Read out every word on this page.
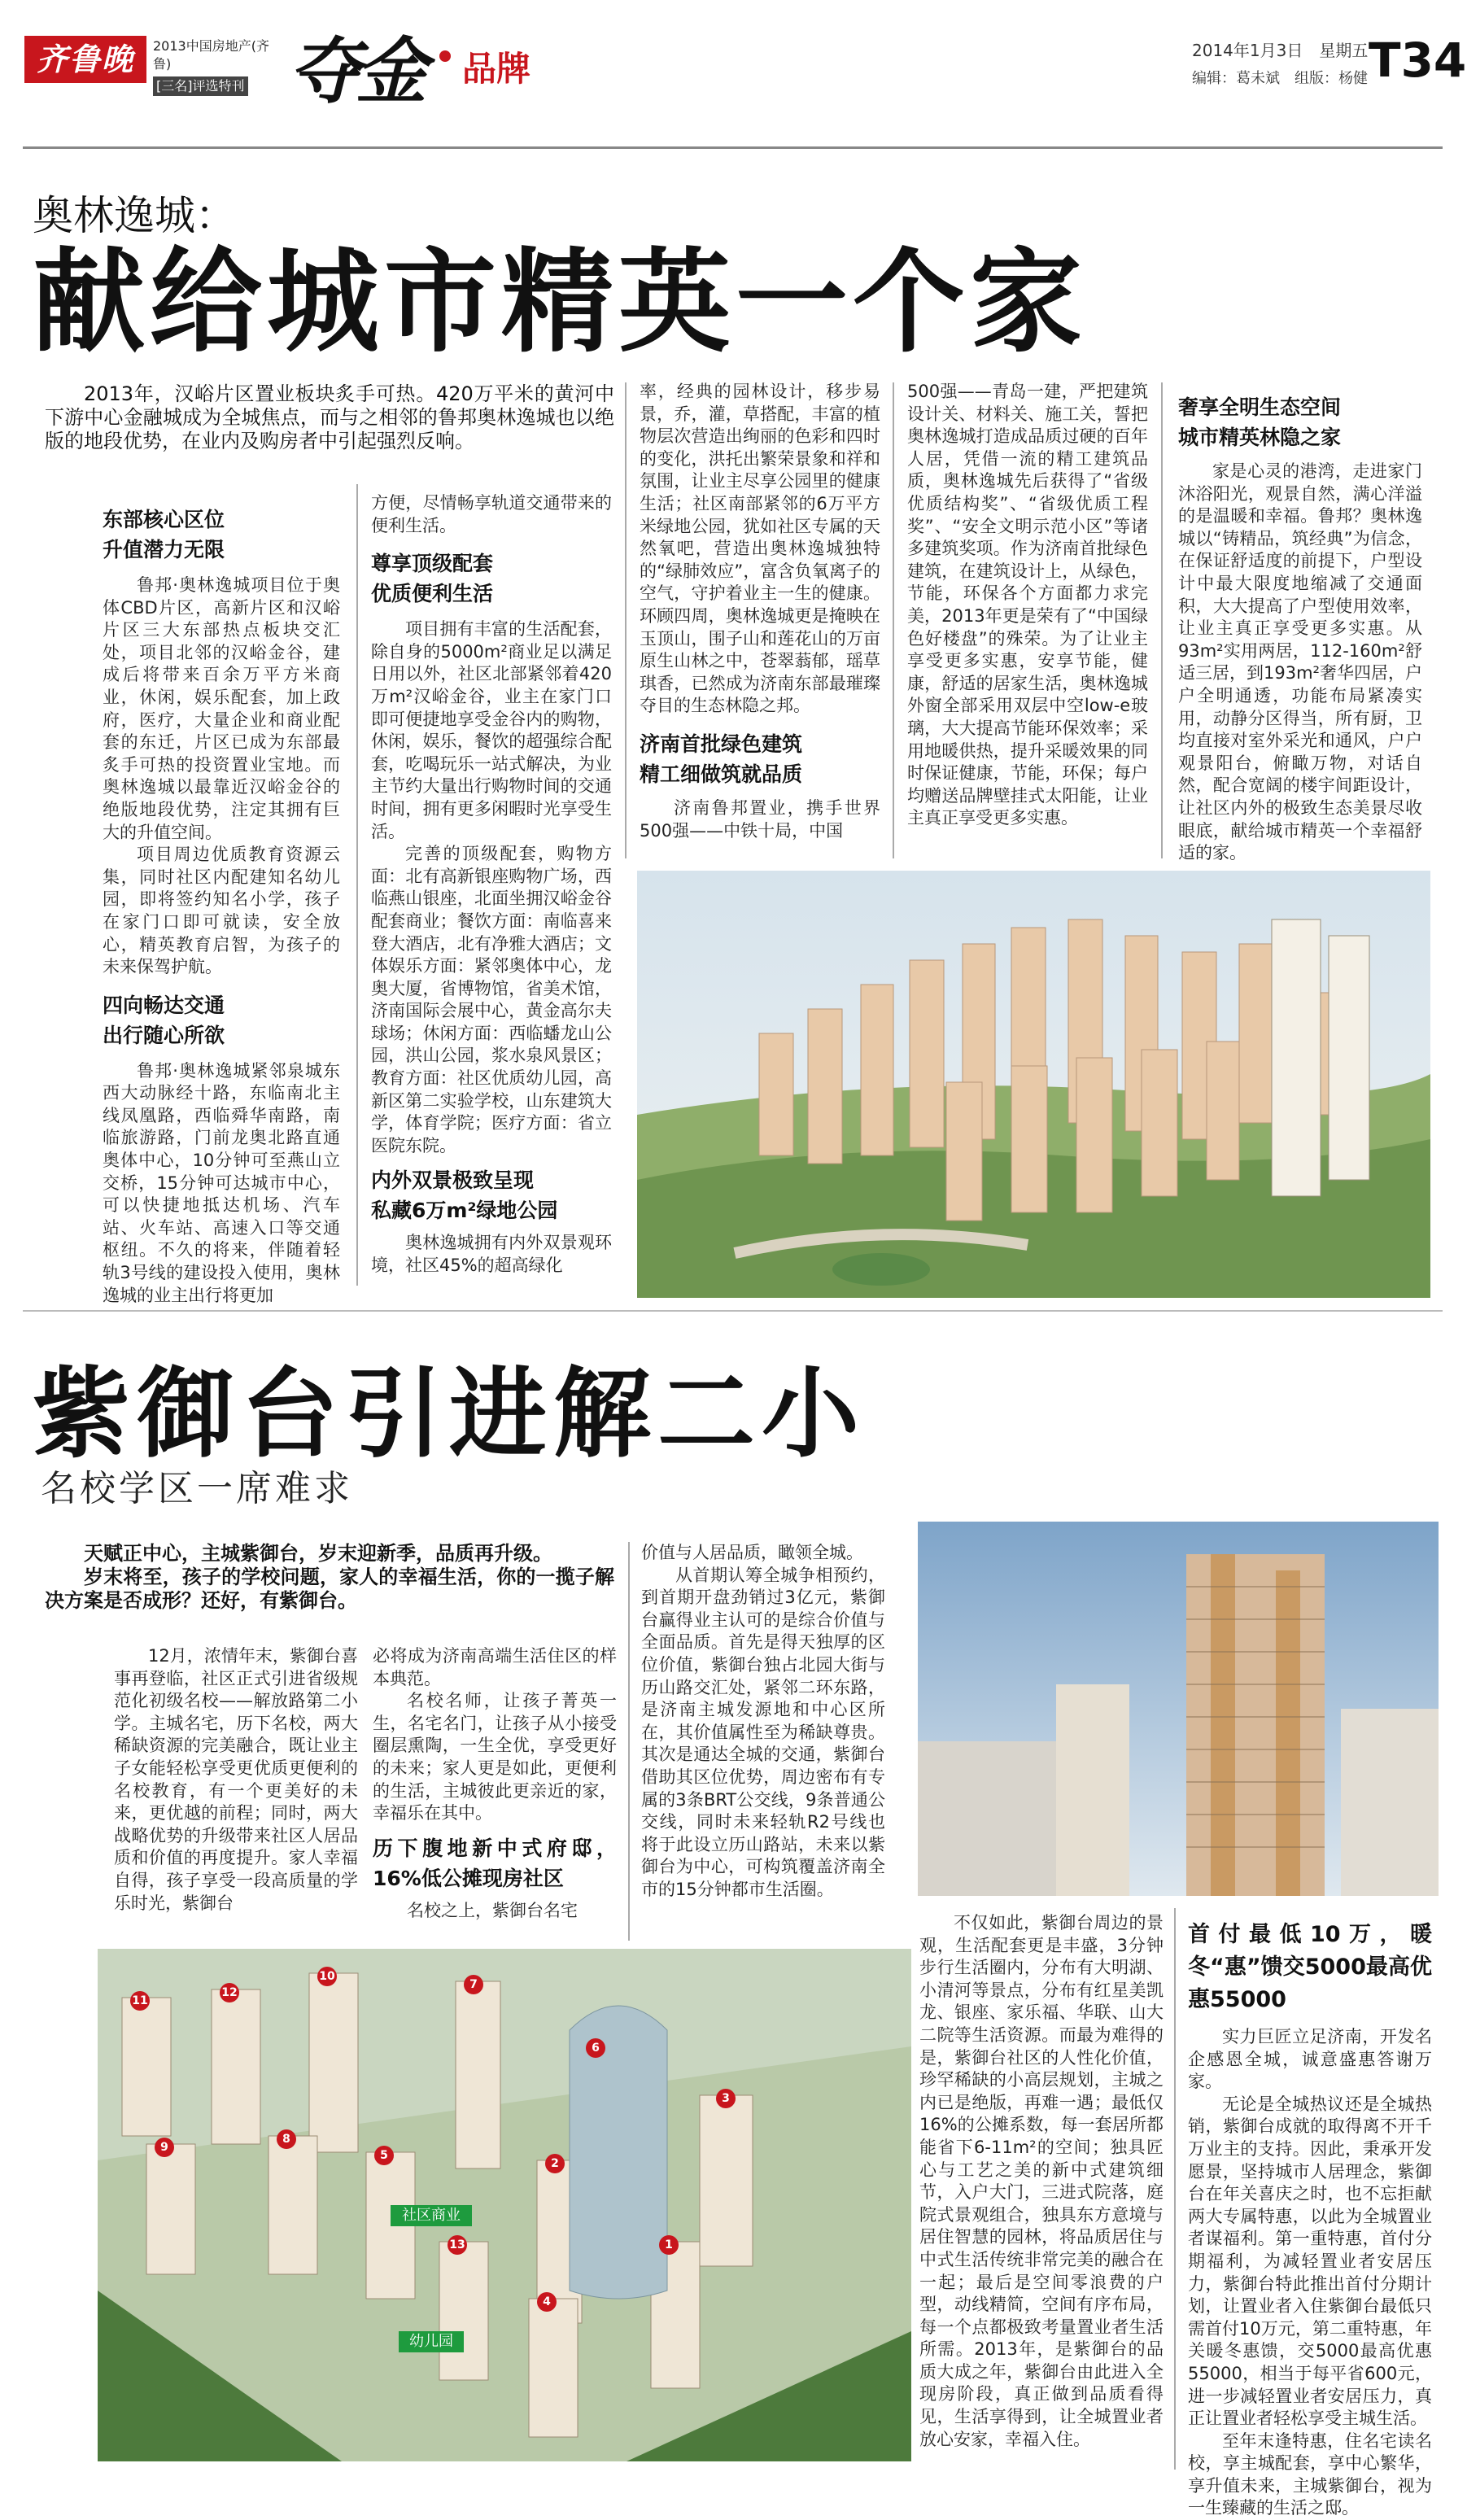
齐鲁晚报
2013中国房地产(齐鲁)
[三名]评选特刊 夺金 品牌	2014年1月3日　星期五
编辑：葛未斌　组版：杨健 T34
奥林逸城：
献给城市精英一个家
2013年，汉峪片区置业板块炙手可热。420万平米的黄河中下游中心金融城成为全城焦点，而与之相邻的鲁邦奥林逸城也以绝版的地段优势，在业内及购房者中引起强烈反响。
东部核心区位
升值潜力无限

鲁邦·奥林逸城项目位于奥体CBD片区，高新片区和汉峪片区三大东部热点板块交汇处，项目北邻的汉峪金谷，建成后将带来百余万平方米商业，休闲，娱乐配套，加上政府，医疗，大量企业和商业配套的东迁，片区已成为东部最炙手可热的投资置业宝地。而奥林逸城以最靠近汉峪金谷的绝版地段优势，注定其拥有巨大的升值空间。

项目周边优质教育资源云集，同时社区内配建知名幼儿园，即将签约知名小学，孩子在家门口即可就读，安全放心，精英教育启智，为孩子的未来保驾护航。

四向畅达交通
出行随心所欲

鲁邦·奥林逸城紧邻泉城东西大动脉经十路，东临南北主线凤凰路，西临舜华南路，南临旅游路，门前龙奥北路直通奥体中心，10分钟可至燕山立交桥，15分钟可达城市中心，可以快捷地抵达机场、汽车站、火车站、高速入口等交通枢纽。不久的将来，伴随着轻轨3号线的建设投入使用，奥林逸城的业主出行将更加

方便，尽情畅享轨道交通带来的便利生活。

尊享顶级配套
优质便利生活

项目拥有丰富的生活配套，除自身的5000m²商业足以满足日用以外，社区北部紧邻着420万m²汉峪金谷，业主在家门口即可便捷地享受金谷内的购物，休闲，娱乐，餐饮的超强综合配套，吃喝玩乐一站式解决，为业主节约大量出行购物时间的交通时间，拥有更多闲暇时光享受生活。

完善的顶级配套，购物方面：北有高新银座购物广场，西临燕山银座，北面坐拥汉峪金谷配套商业；餐饮方面：南临喜来登大酒店，北有净雅大酒店；文体娱乐方面：紧邻奥体中心，龙奥大厦，省博物馆，省美术馆，济南国际会展中心，黄金高尔夫球场；休闲方面：西临蟠龙山公园，洪山公园，浆水泉风景区；教育方面：社区优质幼儿园，高新区第二实验学校，山东建筑大学，体育学院；医疗方面：省立医院东院。

内外双景极致呈现
私藏6万m²绿地公园

奥林逸城拥有内外双景观环境，社区45%的超高绿化

率，经典的园林设计，移步易景，乔，灌，草搭配，丰富的植物层次营造出绚丽的色彩和四时的变化，洪托出繁荣景象和祥和氛围，让业主尽享公园里的健康生活；社区南部紧邻的6万平方米绿地公园，犹如社区专属的天然氧吧，营造出奥林逸城独特的“绿肺效应”，富含负氧离子的空气，守护着业主一生的健康。环顾四周，奥林逸城更是掩映在玉顶山，围子山和莲花山的万亩原生山林之中，苍翠蓊郁，瑶草琪香，已然成为济南东部最璀璨夺目的生态林隐之邦。

济南首批绿色建筑
精工细做筑就品质

济南鲁邦置业，携手世界500强——中铁十局，中国

500强——青岛一建，严把建筑设计关、材料关、施工关，誓把奥林逸城打造成品质过硬的百年人居，凭借一流的精工建筑品质，奥林逸城先后获得了“省级优质结构奖”、“省级优质工程奖”、“安全文明示范小区”等诸多建筑奖项。作为济南首批绿色建筑，在建筑设计上，从绿色，节能，环保各个方面都力求完美，2013年更是荣有了“中国绿色好楼盘”的殊荣。为了让业主享受更多实惠，安享节能，健康，舒适的居家生活，奥林逸城外窗全部采用双层中空low-e玻璃，大大提高节能环保效率；采用地暖供热，提升采暖效果的同时保证健康，节能，环保；每户均赠送品牌壁挂式太阳能，让业主真正享受更多实惠。

奢享全明生态空间
城市精英林隐之家

家是心灵的港湾，走进家门沐浴阳光，观景自然，满心洋溢的是温暖和幸福。鲁邦？奥林逸城以“铸精品，筑经典”为信念，在保证舒适度的前提下，户型设计中最大限度地缩减了交通面积，大大提高了户型使用效率，让业主真正享受更多实惠。从93m²实用两居，112-160m²舒适三居，到193m²奢华四居，户户全明通透，功能布局紧凑实用，动静分区得当，所有厨，卫均直接对室外采光和通风，户户观景阳台，俯瞰万物，对话自然，配合宽阔的楼宇间距设计，让社区内外的极致生态美景尽收眼底，献给城市精英一个幸福舒适的家。

紫御台引进解二小
名校学区一席难求
天赋正中心，主城紫御台，岁末迎新季，品质再升级。
岁末将至，孩子的学校问题，家人的幸福生活，你的一揽子解决方案是否成形？还好，有紫御台。

12月，浓情年末，紫御台喜事再登临，社区正式引进省级规范化初级名校——解放路第二小学。主城名宅，历下名校，两大稀缺资源的完美融合，既让业主子女能轻松享受更优质更便利的名校教育，有一个更美好的未来，更优越的前程；同时，两大战略优势的升级带来社区人居品质和价值的再度提升。家人幸福自得，孩子享受一段高质量的学乐时光，紫御台

必将成为济南高端生活住区的样本典范。

名校名师，让孩子菁英一生，名宅名门，让孩子从小接受圈层熏陶，一生全优，享受更好的未来；家人更是如此，更便利的生活，主城彼此更亲近的家，幸福乐在其中。

历下腹地新中式府邸，16%低公摊现房社区

名校之上，紫御台名宅

价值与人居品质，瞰领全城。

从首期认筹全城争相预约，到首期开盘劲销过3亿元，紫御台赢得业主认可的是综合价值与全面品质。首先是得天独厚的区位价值，紫御台独占北园大街与历山路交汇处，紧邻二环东路，是济南主城发源地和中心区所在，其价值属性至为稀缺尊贵。其次是通达全城的交通，紫御台借助其区位优势，周边密布有专属的3条BRT公交线，9条普通公交线，同时未来轻轨R2号线也将于此设立历山路站，未来以紫御台为中心，可构筑覆盖济南全市的15分钟都市生活圈。

不仅如此，紫御台周边的景观，生活配套更是丰盛，3分钟步行生活圈内，分布有大明湖、小清河等景点，分布有红星美凯龙、银座、家乐福、华联、山大二院等生活资源。而最为难得的是，紫御台社区的人性化价值，珍罕稀缺的小高层规划，主城之内已是绝版，再难一遇；最低仅16%的公摊系数，每一套居所都能省下6-11m²的空间；独具匠心与工艺之美的新中式建筑细节，入户大门，三进式院落，庭院式景观组合，独具东方意境与居住智慧的园林，将品质居住与中式生活传统非常完美的融合在一起；最后是空间零浪费的户型，动线精简，空间有序布局，每一个点都极致考量置业者生活所需。2013年，是紫御台的品质大成之年，紫御台由此进入全现房阶段，真正做到品质看得见，生活享得到，让全城置业者放心安家，幸福入住。

首付最低10万，暖冬“惠”馈交5000最高优惠55000

实力巨匠立足济南，开发名企感恩全城，诚意盛惠答谢万家。

无论是全城热议还是全城热销，紫御台成就的取得离不开千万业主的支持。因此，秉承开发愿景，坚持城市人居理念，紫御台在年关喜庆之时，也不忘拒献两大专属特惠，以此为全城置业者谋福利。第一重特惠，首付分期福利，为减轻置业者安居压力，紫御台特此推出首付分期计划，让置业者入住紫御台最低只需首付10万元，第二重特惠，年关暖冬惠馈，交5000最高优惠55000，相当于每平省600元，进一步减轻置业者安居压力，真正让置业者轻松享受主城生活。

至年末逢特惠，住名宅读名校，享主城配套，享中心繁华，享升值未来，主城紫御台，视为一生臻藏的生活之邸。

社区商业
幼儿园
11
12
10
7
6
8
3
9
5
2
1
13
4
